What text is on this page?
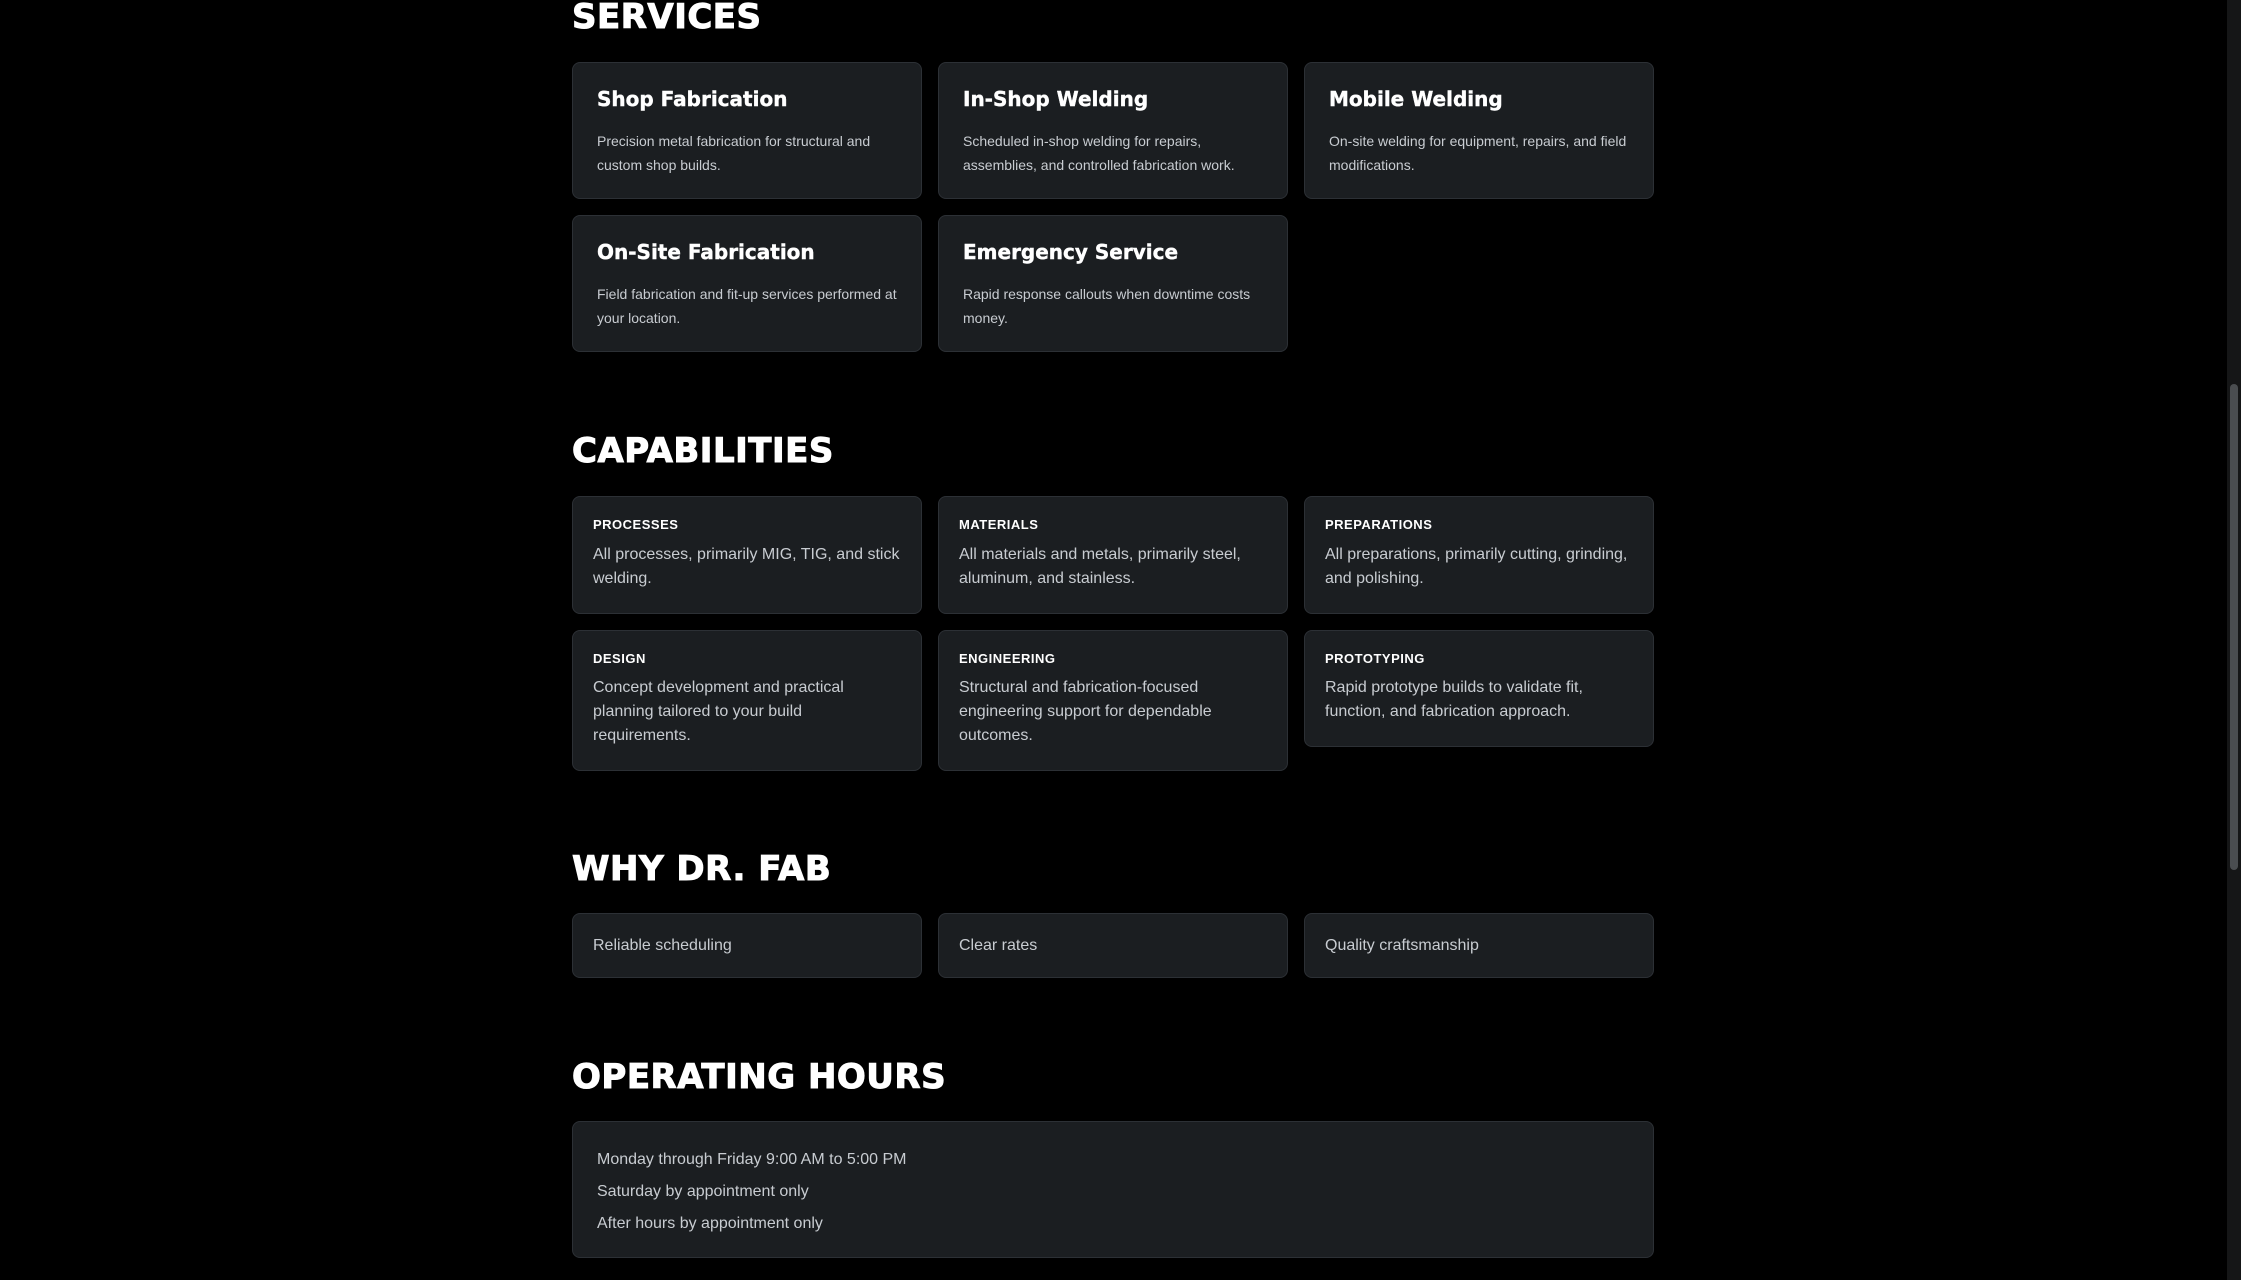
SERVICES
Shop Fabrication

Precision metal fabrication for structural and custom shop builds.

In-Shop Welding

Scheduled in-shop welding for repairs, assemblies, and controlled fabrication work.

Mobile Welding

On-site welding for equipment, repairs, and field modifications.

On-Site Fabrication

Field fabrication and fit-up services performed at your location.

Emergency Service

Rapid response callouts when downtime costs money.

CAPABILITIES
PROCESSES

All processes, primarily MIG, TIG, and stick welding.

MATERIALS

All materials and metals, primarily steel, aluminum, and stainless.

PREPARATIONS

All preparations, primarily cutting, grinding, and polishing.

DESIGN

Concept development and practical planning tailored to your build requirements.

ENGINEERING

Structural and fabrication-focused engineering support for dependable outcomes.

PROTOTYPING

Rapid prototype builds to validate fit, function, and fabrication approach.

WHY DR. FAB
Reliable scheduling	Clear rates	Quality craftsmanship
OPERATING HOURS

Monday through Friday 9:00 AM to 5:00 PM

Saturday by appointment only

After hours by appointment only
